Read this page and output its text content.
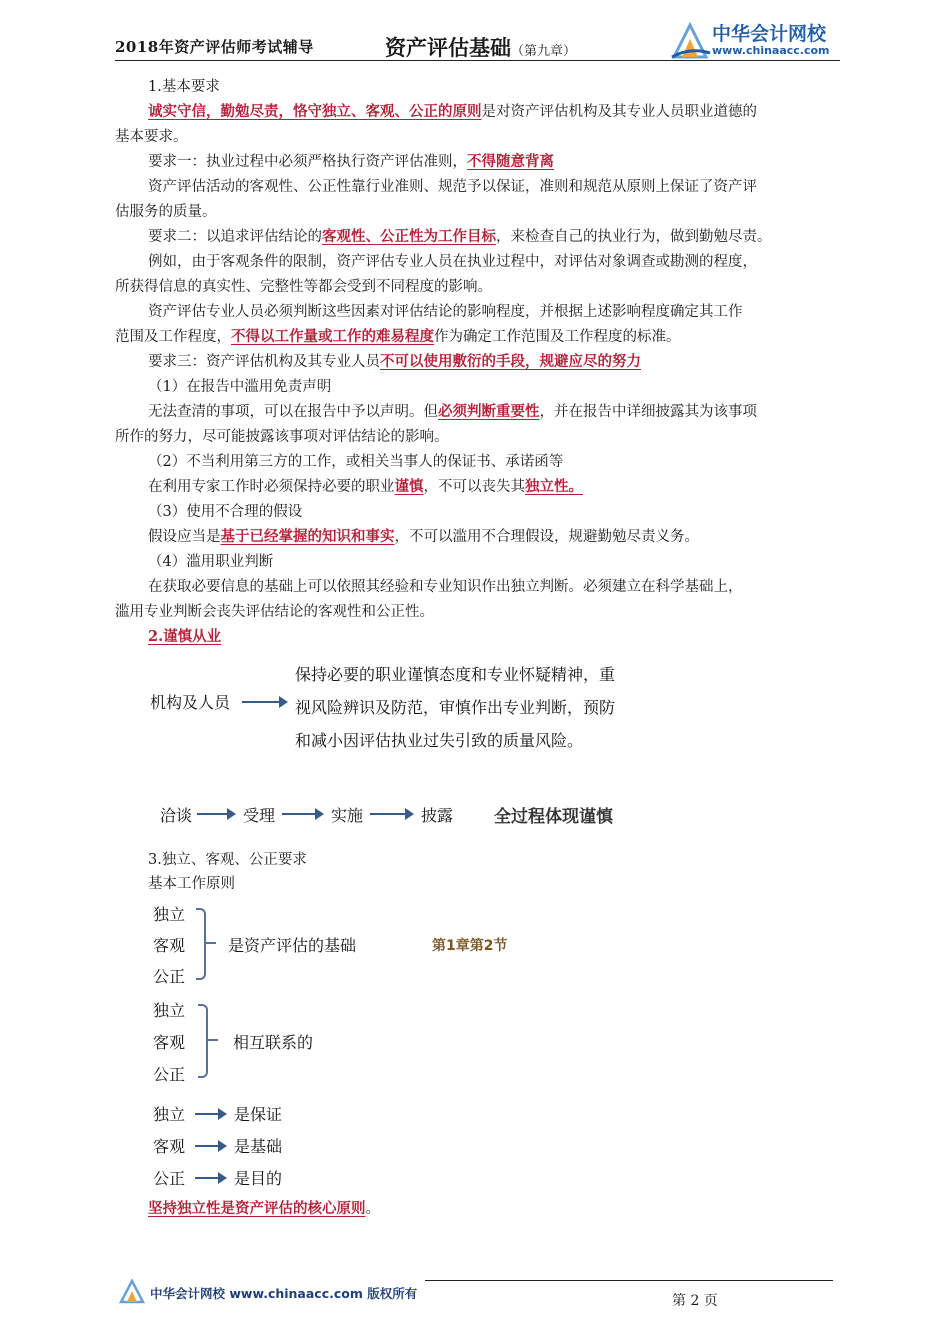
2018年资产评估师考试辅导	资产评估基础（第九章）
中华会计网校
www.chinaacc.com
1.基本要求
诚实守信，勤勉尽责，恪守独立、客观、公正的原则是对资产评估机构及其专业人员职业道德的
基本要求。
要求一：执业过程中必须严格执行资产评估准则，不得随意背离
资产评估活动的客观性、公正性靠行业准则、规范予以保证，准则和规范从原则上保证了资产评
估服务的质量。
要求二：以追求评估结论的客观性、公正性为工作目标，来检查自己的执业行为，做到勤勉尽责。
例如，由于客观条件的限制，资产评估专业人员在执业过程中，对评估对象调查或勘测的程度，
所获得信息的真实性、完整性等都会受到不同程度的影响。
资产评估专业人员必须判断这些因素对评估结论的影响程度，并根据上述影响程度确定其工作
范围及工作程度，不得以工作量或工作的难易程度作为确定工作范围及工作程度的标准。
要求三：资产评估机构及其专业人员不可以使用敷衍的手段，规避应尽的努力
（1）在报告中滥用免责声明
无法查清的事项，可以在报告中予以声明。但必须判断重要性，并在报告中详细披露其为该事项
所作的努力，尽可能披露该事项对评估结论的影响。
（2）不当利用第三方的工作，或相关当事人的保证书、承诺函等
在利用专家工作时必须保持必要的职业谨慎，不可以丧失其独立性。
（3）使用不合理的假设
假设应当是基于已经掌握的知识和事实，不可以滥用不合理假设，规避勤勉尽责义务。
（4）滥用职业判断
在获取必要信息的基础上可以依照其经验和专业知识作出独立判断。必须建立在科学基础上，
滥用专业判断会丧失评估结论的客观性和公正性。
2.谨慎从业
机构及人员
保持必要的职业谨慎态度和专业怀疑精神，重
视风险辨识及防范，审慎作出专业判断，预防
和减小因评估执业过失引致的质量风险。
洽谈	受理	实施	披露 全过程体现谨慎
3.独立、客观、公正要求
基本工作原则
独立
客观
公正
是资产评估的基础	第1章第2节
独立
客观
公正
相互联系的
独立	是保证
客观	是基础
公正	是目的
坚持独立性是资产评估的核心原则。
中华会计网校 www.chinaacc.com 版权所有	第 2 页
